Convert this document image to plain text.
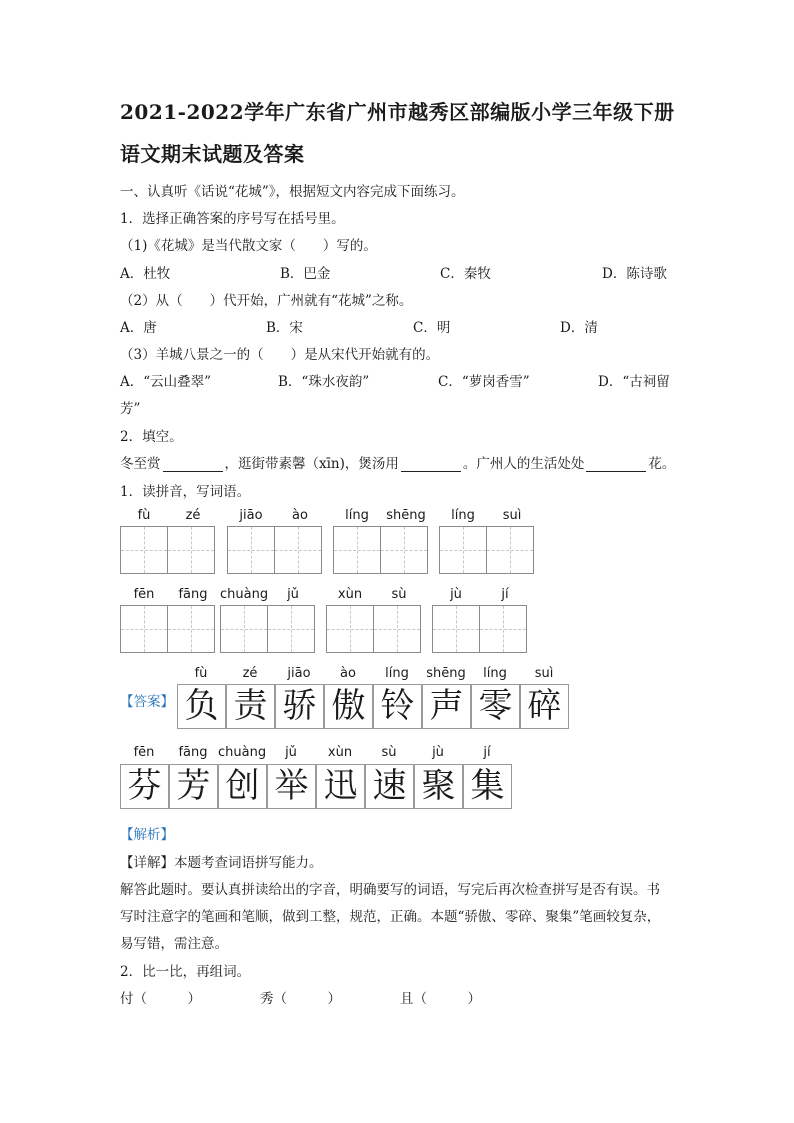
2021-2022学年广东省广州市越秀区部编版小学三年级下册
语文期末试题及答案
一、认真听《话说“花城”》，根据短文内容完成下面练习。
1．选择正确答案的序号写在括号里。
（1)《花城》是当代散文家（　　）写的。
A．杜牧	B．巴金	C．秦牧	D．陈诗歌
（2）从（　　）代开始，广州就有“花城”之称。
A．唐	B．宋	C．明	D．清
（3）羊城八景之一的（　　）是从宋代开始就有的。
A．“云山叠翠”	B．“珠水夜韵”	C．“萝岗香雪”	D．“古祠留
芳”
2．填空。
冬至赏	，逛街带素馨（xīn)，煲汤用	。广州人的生活处处	花。
1．读拼音，写词语。
fù	zé	jiāo	ào	líng	shēng	líng	suì
fēn	fāng chuàng	jǔ	xùn	sù	jù	jí
fù	zé	jiāo	ào	líng	shēng	líng	suì
【答案】 负 责 骄 傲 铃 声 零 碎
fēn	fāng chuàng	jǔ	xùn	sù	jù	jí
芬 芳 创 举 迅 速 聚 集
【解析】
【详解】本题考查词语拼写能力。
解答此题时。要认真拼读给出的字音，明确要写的词语，写完后再次检查拼写是否有误。书
写时注意字的笔画和笔顺，做到工整，规范，正确。本题“骄傲、零碎、聚集”笔画较复杂，
易写错，需注意。
2．比一比，再组词。
付（　　　）	秀（　　　）	且（　　　）
